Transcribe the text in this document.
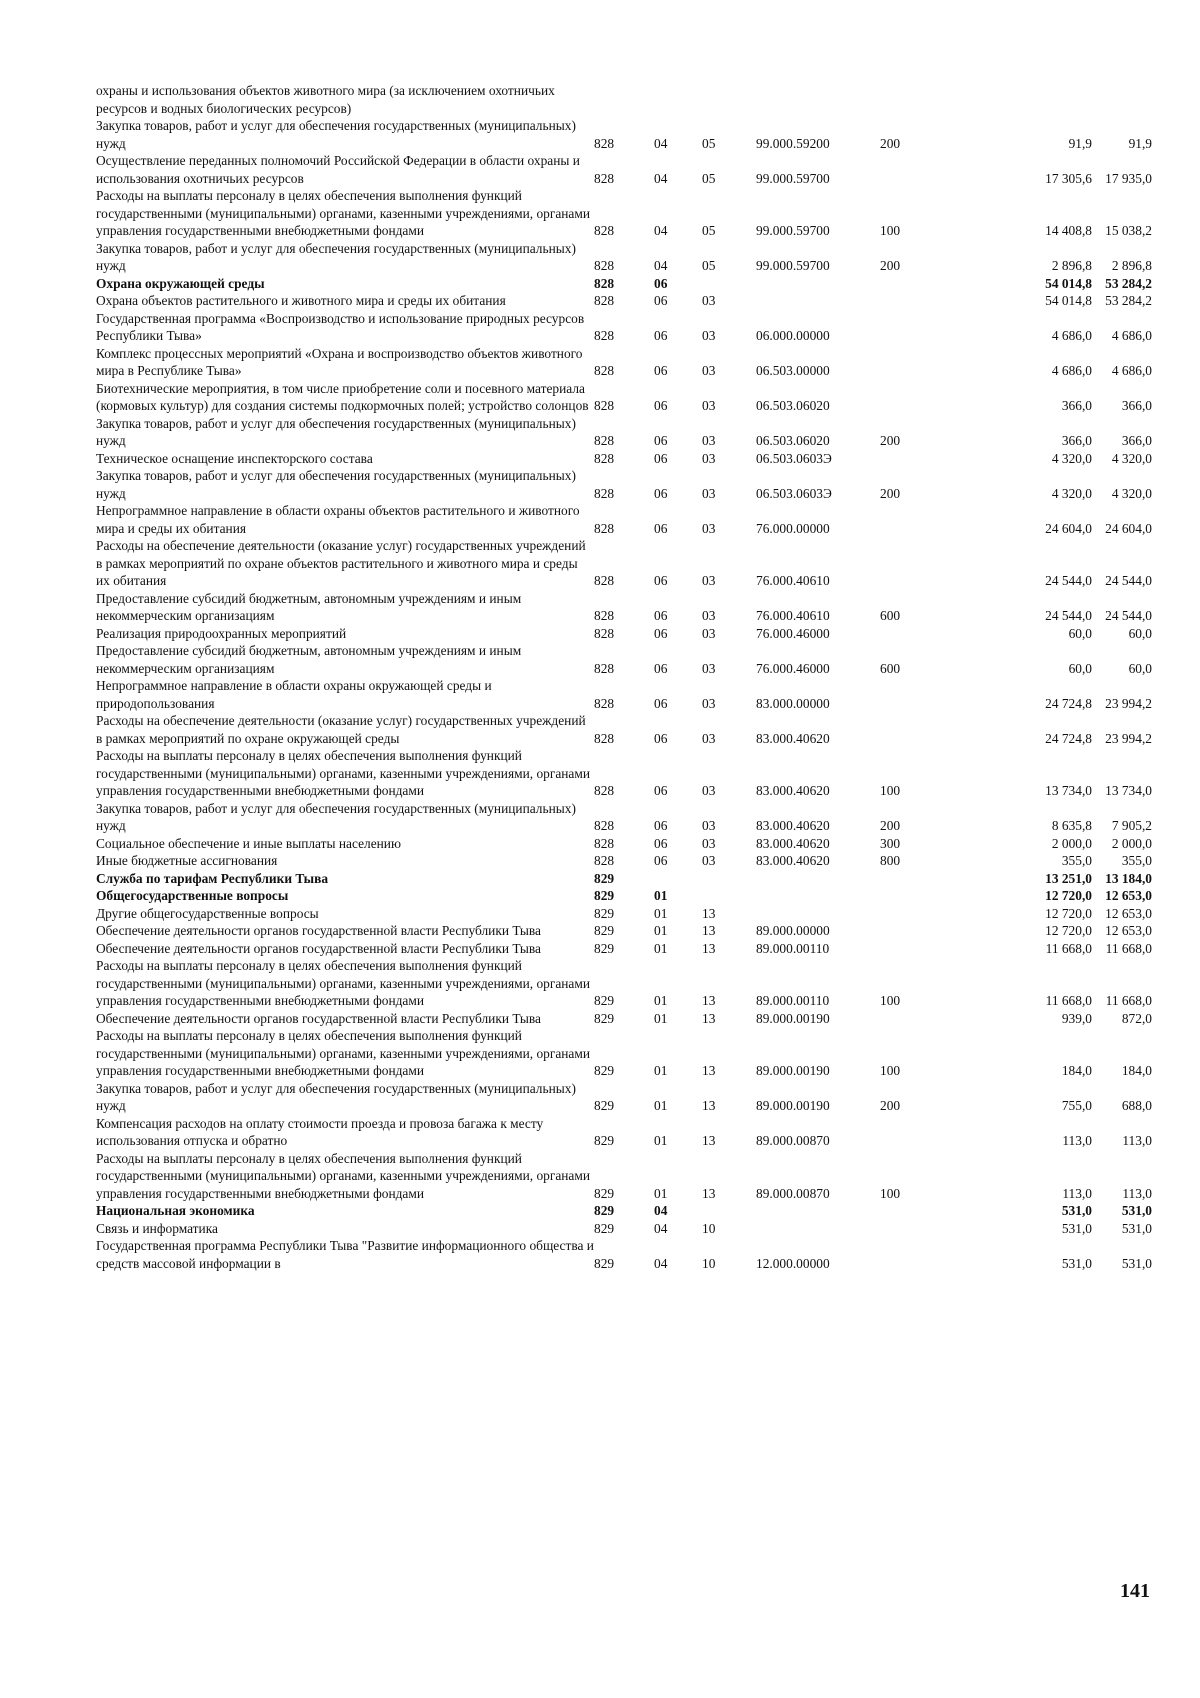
охраны и использования объектов животного мира (за исключением охотничьих ресурсов и водных биологических ресурсов)							
Закупка товаров, работ и услуг для обеспечения государственных (муниципальных) нужд	828	04	05	99.000.59200	200	91,9	91,9
Осуществление переданных полномочий Российской Федерации в области охраны и использования охотничьих ресурсов	828	04	05	99.000.59700		17 305,6	17 935,0
Расходы на выплаты персоналу в целях обеспечения выполнения функций государственными (муниципальными) органами, казенными учреждениями, органами управления государственными внебюджетными фондами	828	04	05	99.000.59700	100	14 408,8	15 038,2
Закупка товаров, работ и услуг для обеспечения государственных (муниципальных) нужд	828	04	05	99.000.59700	200	2 896,8	2 896,8
Охрана окружающей среды	828	06				54 014,8	53 284,2
Охрана объектов растительного и животного мира и среды их обитания	828	06	03			54 014,8	53 284,2
Государственная программа «Воспроизводство и использование природных ресурсов Республики Тыва»	828	06	03	06.000.00000		4 686,0	4 686,0
Комплекс процессных мероприятий «Охрана и воспроизводство объектов животного мира в Республике Тыва»	828	06	03	06.503.00000		4 686,0	4 686,0
Биотехнические мероприятия, в том числе приобретение соли и посевного материала (кормовых культур) для создания системы подкормочных полей; устройство солонцов	828	06	03	06.503.06020		366,0	366,0
Закупка товаров, работ и услуг для обеспечения государственных (муниципальных) нужд	828	06	03	06.503.06020	200	366,0	366,0
Техническое оснащение инспекторского состава	828	06	03	06.503.0603Э		4 320,0	4 320,0
Закупка товаров, работ и услуг для обеспечения государственных (муниципальных) нужд	828	06	03	06.503.0603Э	200	4 320,0	4 320,0
Непрограммное направление в области охраны объектов растительного и животного мира и среды их обитания	828	06	03	76.000.00000		24 604,0	24 604,0
Расходы на обеспечение деятельности (оказание услуг) государственных учреждений в рамках мероприятий по охране объектов растительного и животного мира и среды их обитания	828	06	03	76.000.40610		24 544,0	24 544,0
Предоставление субсидий бюджетным, автономным учреждениям и иным некоммерческим организациям	828	06	03	76.000.40610	600	24 544,0	24 544,0
Реализация природоохранных мероприятий	828	06	03	76.000.46000		60,0	60,0
Предоставление субсидий бюджетным, автономным учреждениям и иным некоммерческим организациям	828	06	03	76.000.46000	600	60,0	60,0
Непрограммное направление в области охраны окружающей среды и природопользования	828	06	03	83.000.00000		24 724,8	23 994,2
Расходы на обеспечение деятельности (оказание услуг) государственных учреждений в рамках мероприятий по охране окружающей среды	828	06	03	83.000.40620		24 724,8	23 994,2
Расходы на выплаты персоналу в целях обеспечения выполнения функций государственными (муниципальными) органами, казенными учреждениями, органами управления государственными внебюджетными фондами	828	06	03	83.000.40620	100	13 734,0	13 734,0
Закупка товаров, работ и услуг для обеспечения государственных (муниципальных) нужд	828	06	03	83.000.40620	200	8 635,8	7 905,2
Социальное обеспечение и иные выплаты населению	828	06	03	83.000.40620	300	2 000,0	2 000,0
Иные бюджетные ассигнования	828	06	03	83.000.40620	800	355,0	355,0
Служба по тарифам Республики Тыва	829					13 251,0	13 184,0
Общегосударственные вопросы	829	01				12 720,0	12 653,0
Другие общегосударственные вопросы	829	01	13			12 720,0	12 653,0
Обеспечение деятельности органов государственной власти Республики Тыва	829	01	13	89.000.00000		12 720,0	12 653,0
Обеспечение деятельности органов государственной власти Республики Тыва	829	01	13	89.000.00110		11 668,0	11 668,0
Расходы на выплаты персоналу в целях обеспечения выполнения функций государственными (муниципальными) органами, казенными учреждениями, органами управления государственными внебюджетными фондами	829	01	13	89.000.00110	100	11 668,0	11 668,0
Обеспечение деятельности органов государственной власти Республики Тыва	829	01	13	89.000.00190		939,0	872,0
Расходы на выплаты персоналу в целях обеспечения выполнения функций государственными (муниципальными) органами, казенными учреждениями, органами управления государственными внебюджетными фондами	829	01	13	89.000.00190	100	184,0	184,0
Закупка товаров, работ и услуг для обеспечения государственных (муниципальных) нужд	829	01	13	89.000.00190	200	755,0	688,0
Компенсация расходов на оплату стоимости проезда и провоза багажа к месту использования отпуска и обратно	829	01	13	89.000.00870		113,0	113,0
Расходы на выплаты персоналу в целях обеспечения выполнения функций государственными (муниципальными) органами, казенными учреждениями, органами управления государственными внебюджетными фондами	829	01	13	89.000.00870	100	113,0	113,0
Национальная экономика	829	04				531,0	531,0
Связь и информатика	829	04	10			531,0	531,0
Государственная программа Республики Тыва "Развитие информационного общества и средств массовой информации в	829	04	10	12.000.00000		531,0	531,0
141
